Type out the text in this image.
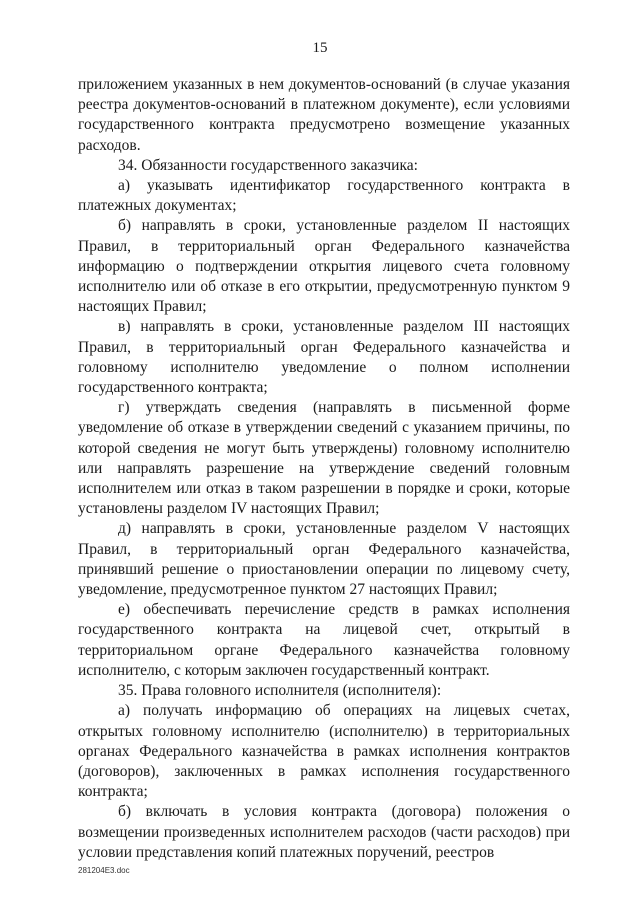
15

приложением указанных в нем документов-оснований (в случае указания реестра документов-оснований в платежном документе), если условиями государственного контракта предусмотрено возмещение указанных расходов.

34. Обязанности государственного заказчика:

а) указывать идентификатор государственного контракта в платежных документах;

б) направлять в сроки, установленные разделом II настоящих Правил, в территориальный орган Федерального казначейства информацию о подтверждении открытия лицевого счета головному исполнителю или об отказе в его открытии, предусмотренную пунктом 9 настоящих Правил;

в) направлять в сроки, установленные разделом III настоящих Правил, в территориальный орган Федерального казначейства и головному исполнителю уведомление о полном исполнении государственного контракта;

г) утверждать сведения (направлять в письменной форме уведомление об отказе в утверждении сведений с указанием причины, по которой сведения не могут быть утверждены) головному исполнителю или направлять разрешение на утверждение сведений головным исполнителем или отказ в таком разрешении в порядке и сроки, которые установлены разделом IV настоящих Правил;

д) направлять в сроки, установленные разделом V настоящих Правил, в территориальный орган Федерального казначейства, принявший решение о приостановлении операции по лицевому счету, уведомление, предусмотренное пунктом 27 настоящих Правил;

е) обеспечивать перечисление средств в рамках исполнения государственного контракта на лицевой счет, открытый в территориальном органе Федерального казначейства головному исполнителю, с которым заключен государственный контракт.

35. Права головного исполнителя (исполнителя):

а) получать информацию об операциях на лицевых счетах, открытых головному исполнителю (исполнителю) в территориальных органах Федерального казначейства в рамках исполнения контрактов (договоров), заключенных в рамках исполнения государственного контракта;

б) включать в условия контракта (договора) положения о возмещении произведенных исполнителем расходов (части расходов) при условии представления копий платежных поручений, реестров

281204E3.doc
